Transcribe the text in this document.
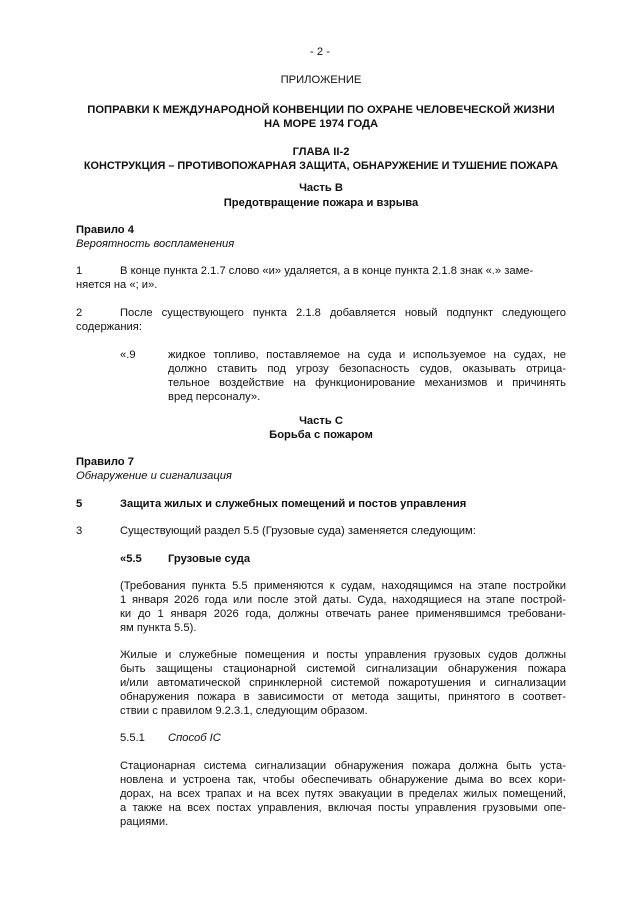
- 2 -
ПРИЛОЖЕНИЕ
ПОПРАВКИ К МЕЖДУНАРОДНОЙ КОНВЕНЦИИ ПО ОХРАНЕ ЧЕЛОВЕЧЕСКОЙ ЖИЗНИ
НА МОРЕ 1974 ГОДА
ГЛАВА II-2
КОНСТРУКЦИЯ – ПРОТИВОПОЖАРНАЯ ЗАЩИТА, ОБНАРУЖЕНИЕ И ТУШЕНИЕ ПОЖАРА
Часть B
Предотвращение пожара и взрыва
Правило 4
Вероятность воспламенения
1	В конце пункта 2.1.7 слово «и» удаляется, а в конце пункта 2.1.8 знак «.» заме-
няется на «; и».
2	После существующего пункта 2.1.8 добавляется новый подпункт следующего
содержания:
«.9	жидкое топливо, поставляемое на суда и используемое на судах, не
должно ставить под угрозу безопасность судов, оказывать отрица-
тельное воздействие на функционирование механизмов и причинять
вред персоналу».
Часть C
Борьба с пожаром
Правило 7
Обнаружение и сигнализация
5	Защита жилых и служебных помещений и постов управления
3	Существующий раздел 5.5 (Грузовые суда) заменяется следующим:
«5.5 Грузовые суда
(Требования пункта 5.5 применяются к судам, находящимся на этапе постройки
1 января 2026 года или после этой даты. Суда, находящиеся на этапе построй-
ки до 1 января 2026 года, должны отвечать ранее применявшимся требовани-
ям пункта 5.5).
Жилые и служебные помещения и посты управления грузовых судов должны
быть защищены стационарной системой сигнализации обнаружения пожара
и/или автоматической спринклерной системой пожаротушения и сигнализации
обнаружения пожара в зависимости от метода защиты, принятого в соответ-
ствии с правилом 9.2.3.1, следующим образом.
5.5.1 Способ IC
Стационарная система сигнализации обнаружения пожара должна быть уста-
новлена и устроена так, чтобы обеспечивать обнаружение дыма во всех кори-
дорах, на всех трапах и на всех путях эвакуации в пределах жилых помещений,
а также на всех постах управления, включая посты управления грузовыми опе-
рациями.
